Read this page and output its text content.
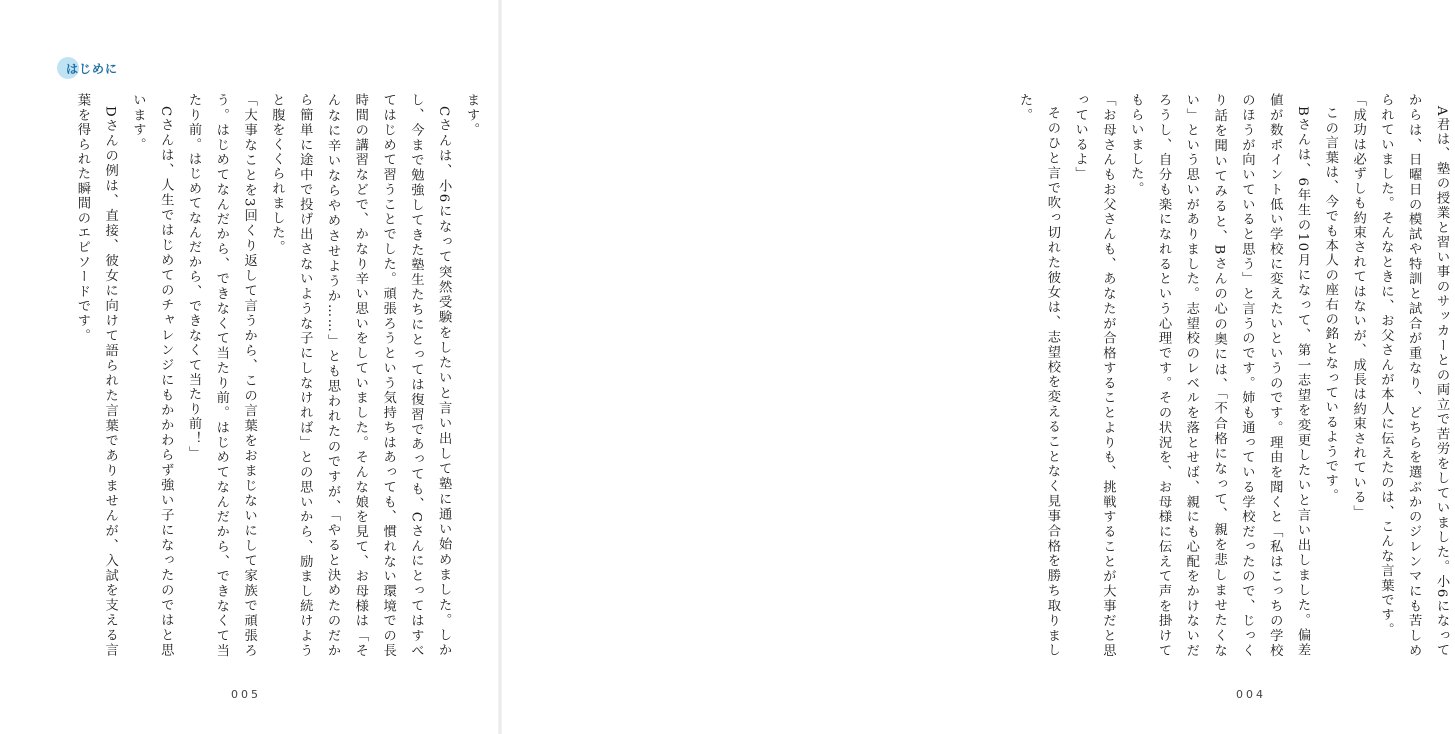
はじめに

ます。

Cさんは、小6になって突然受験をしたいと言い出して塾に通い始めました。しかし、今まで勉強してきた塾生たちにとっては復習であっても、Cさんにとってはすべてはじめて習うことでした。頑張ろうという気持ちはあっても、慣れない環境での長時間の講習などで、かなり辛い思いをしていました。そんな娘を見て、お母様は「そんなに辛いならやめさせようか……」とも思われたのですが、「やると決めたのだから簡単に途中で投げ出さないような子にしなければ」との思いから、励まし続けようと腹をくくられました。

「大事なことを3回くり返して言うから、この言葉をおまじないにして家族で頑張ろう。はじめてなんだから、できなくて当たり前。はじめてなんだから、できなくて当たり前。はじめてなんだから、できなくて当たり前！」

Cさんは、人生ではじめてのチャレンジにもかかわらず強い子になったのではと思います。

Dさんの例は、直接、彼女に向けて語られた言葉でありませんが、入試を支える言葉を得られた瞬間のエピソードです。

005

A君は、塾の授業と習い事のサッカーとの両立で苦労をしていました。小6になってからは、日曜日の模試や特訓と試合が重なり、どちらを選ぶかのジレンマにも苦しめられていました。そんなときに、お父さんが本人に伝えたのは、こんな言葉です。

「成功は必ずしも約束されてはないが、成長は約束されている」

この言葉は、今でも本人の座右の銘となっているようです。

Bさんは、6年生の10月になって、第一志望を変更したいと言い出しました。偏差値が数ポイント低い学校に変えたいというのです。理由を聞くと「私はこっちの学校のほうが向いていると思う」と言うのです。姉も通っている学校だったので、じっくり話を聞いてみると、Bさんの心の奥には、「不合格になって、親を悲しませたくない」という思いがありました。志望校のレベルを落とせば、親にも心配をかけないだろうし、自分も楽になれるという心理です。その状況を、お母様に伝えて声を掛けてもらいました。

「お母さんもお父さんも、あなたが合格することよりも、挑戦することが大事だと思っているよ」

そのひと言で吹っ切れた彼女は、志望校を変えることなく見事合格を勝ち取りました。

004
